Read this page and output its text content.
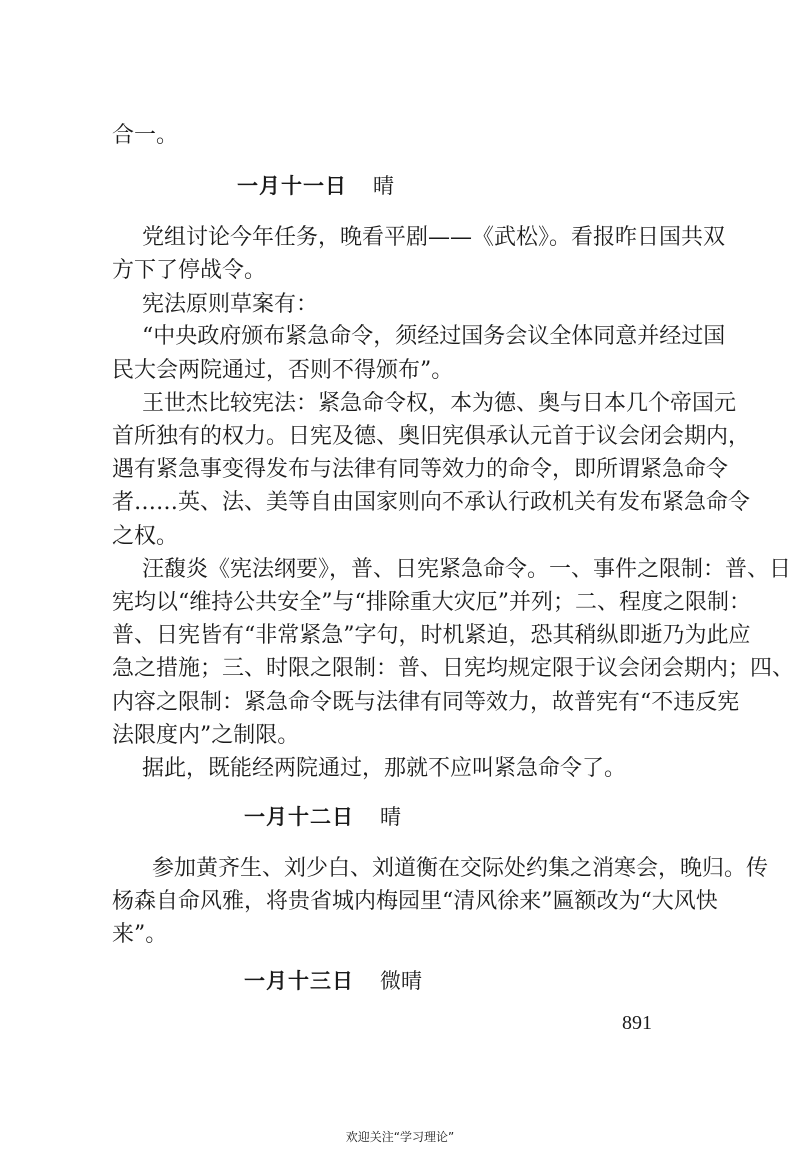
合一。
一月十一日 晴
党组讨论今年任务，晚看平剧——《武松》。看报昨日国共双
方下了停战令。
宪法原则草案有：
“中央政府颁布紧急命令，须经过国务会议全体同意并经过国
民大会两院通过，否则不得颁布”。
王世杰比较宪法：紧急命令权，本为德、奥与日本几个帝国元
首所独有的权力。日宪及德、奥旧宪俱承认元首于议会闭会期内，
遇有紧急事变得发布与法律有同等效力的命令，即所谓紧急命令
者……英、法、美等自由国家则向不承认行政机关有发布紧急命令
之权。
汪馥炎《宪法纲要》，普、日宪紧急命令。一、事件之限制：普、日
宪均以“维持公共安全”与“排除重大灾厄”并列；二、程度之限制：
普、日宪皆有“非常紧急”字句，时机紧迫，恐其稍纵即逝乃为此应
急之措施；三、时限之限制：普、日宪均规定限于议会闭会期内；四、
内容之限制：紧急命令既与法律有同等效力，故普宪有“不违反宪
法限度内”之制限。
据此，既能经两院通过，那就不应叫紧急命令了。
一月十二日 晴
参加黄齐生、刘少白、刘道衡在交际处约集之消寒会，晚归。传
杨森自命风雅，将贵省城内梅园里“清风徐来”匾额改为“大风快
来”。
一月十三日 微晴
891
欢迎关注“学习理论”
